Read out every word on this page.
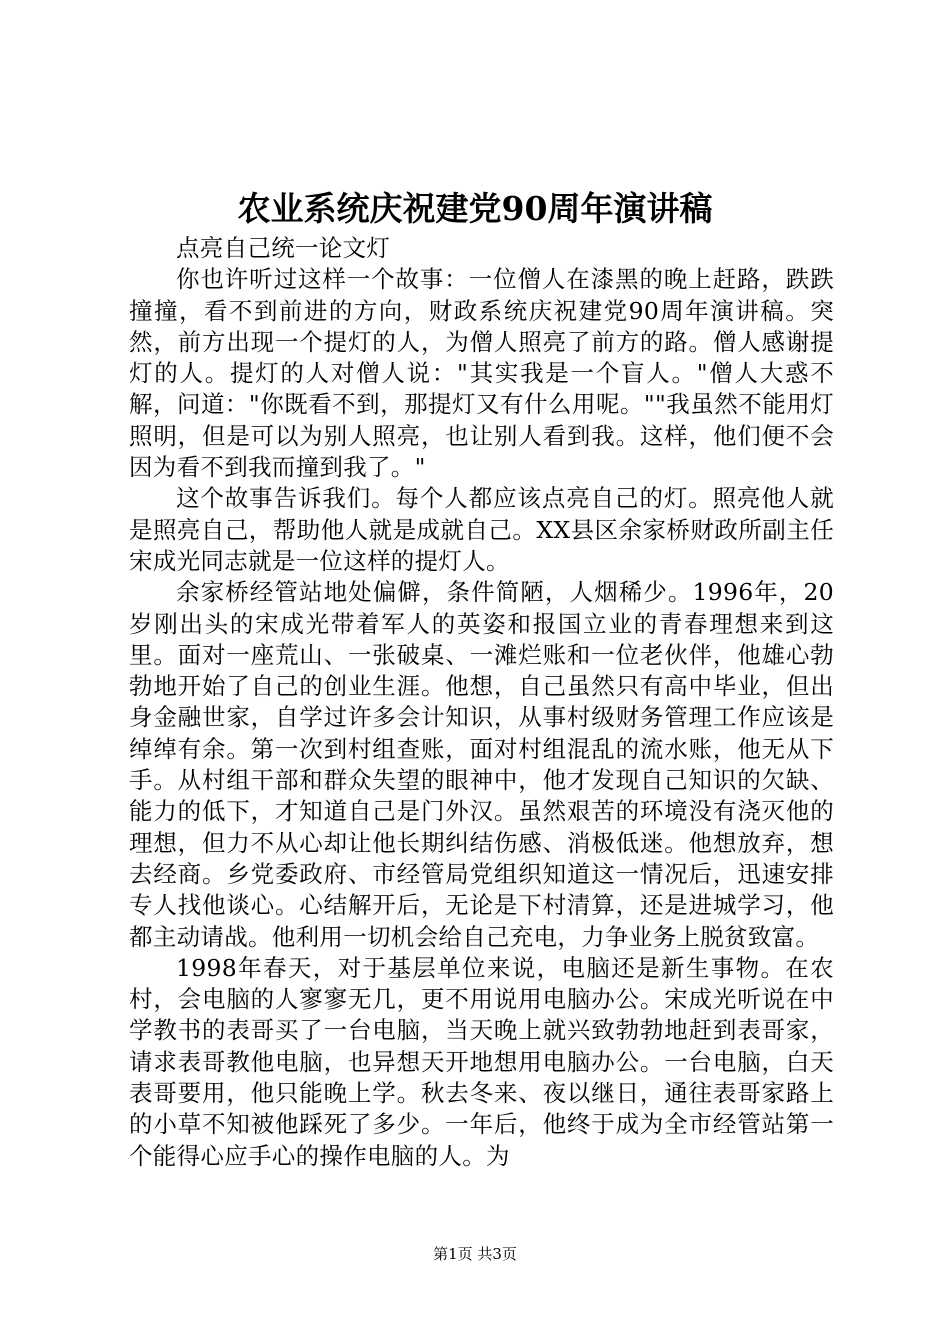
农业系统庆祝建党90周年演讲稿

点亮自己统一论文灯

你也许听过这样一个故事：一位僧人在漆黑的晚上赶路，跌跌撞撞，看不到前进的方向，财政系统庆祝建党90周年演讲稿。突然，前方出现一个提灯的人，为僧人照亮了前方的路。僧人感谢提灯的人。提灯的人对僧人说："其实我是一个盲人。"僧人大惑不解，问道："你既看不到，那提灯又有什么用呢。""我虽然不能用灯照明，但是可以为别人照亮，也让别人看到我。这样，他们便不会因为看不到我而撞到我了。"

这个故事告诉我们。每个人都应该点亮自己的灯。照亮他人就是照亮自己，帮助他人就是成就自己。XX县区余家桥财政所副主任宋成光同志就是一位这样的提灯人。

余家桥经管站地处偏僻，条件简陋，人烟稀少。1996年，20岁刚出头的宋成光带着军人的英姿和报国立业的青春理想来到这里。面对一座荒山、一张破桌、一滩烂账和一位老伙伴，他雄心勃勃地开始了自己的创业生涯。他想，自己虽然只有高中毕业，但出身金融世家，自学过许多会计知识，从事村级财务管理工作应该是绰绰有余。第一次到村组查账，面对村组混乱的流水账，他无从下手。从村组干部和群众失望的眼神中，他才发现自己知识的欠缺、能力的低下，才知道自己是门外汉。虽然艰苦的环境没有浇灭他的理想，但力不从心却让他长期纠结伤感、消极低迷。他想放弃，想去经商。乡党委政府、市经管局党组织知道这一情况后，迅速安排专人找他谈心。心结解开后，无论是下村清算，还是进城学习，他都主动请战。他利用一切机会给自己充电，力争业务上脱贫致富。

1998年春天，对于基层单位来说，电脑还是新生事物。在农村，会电脑的人寥寥无几，更不用说用电脑办公。宋成光听说在中学教书的表哥买了一台电脑，当天晚上就兴致勃勃地赶到表哥家，请求表哥教他电脑，也异想天开地想用电脑办公。一台电脑，白天表哥要用，他只能晚上学。秋去冬来、夜以继日，通往表哥家路上的小草不知被他踩死了多少。一年后，他终于成为全市经管站第一个能得心应手心的操作电脑的人。为

第1页 共3页
